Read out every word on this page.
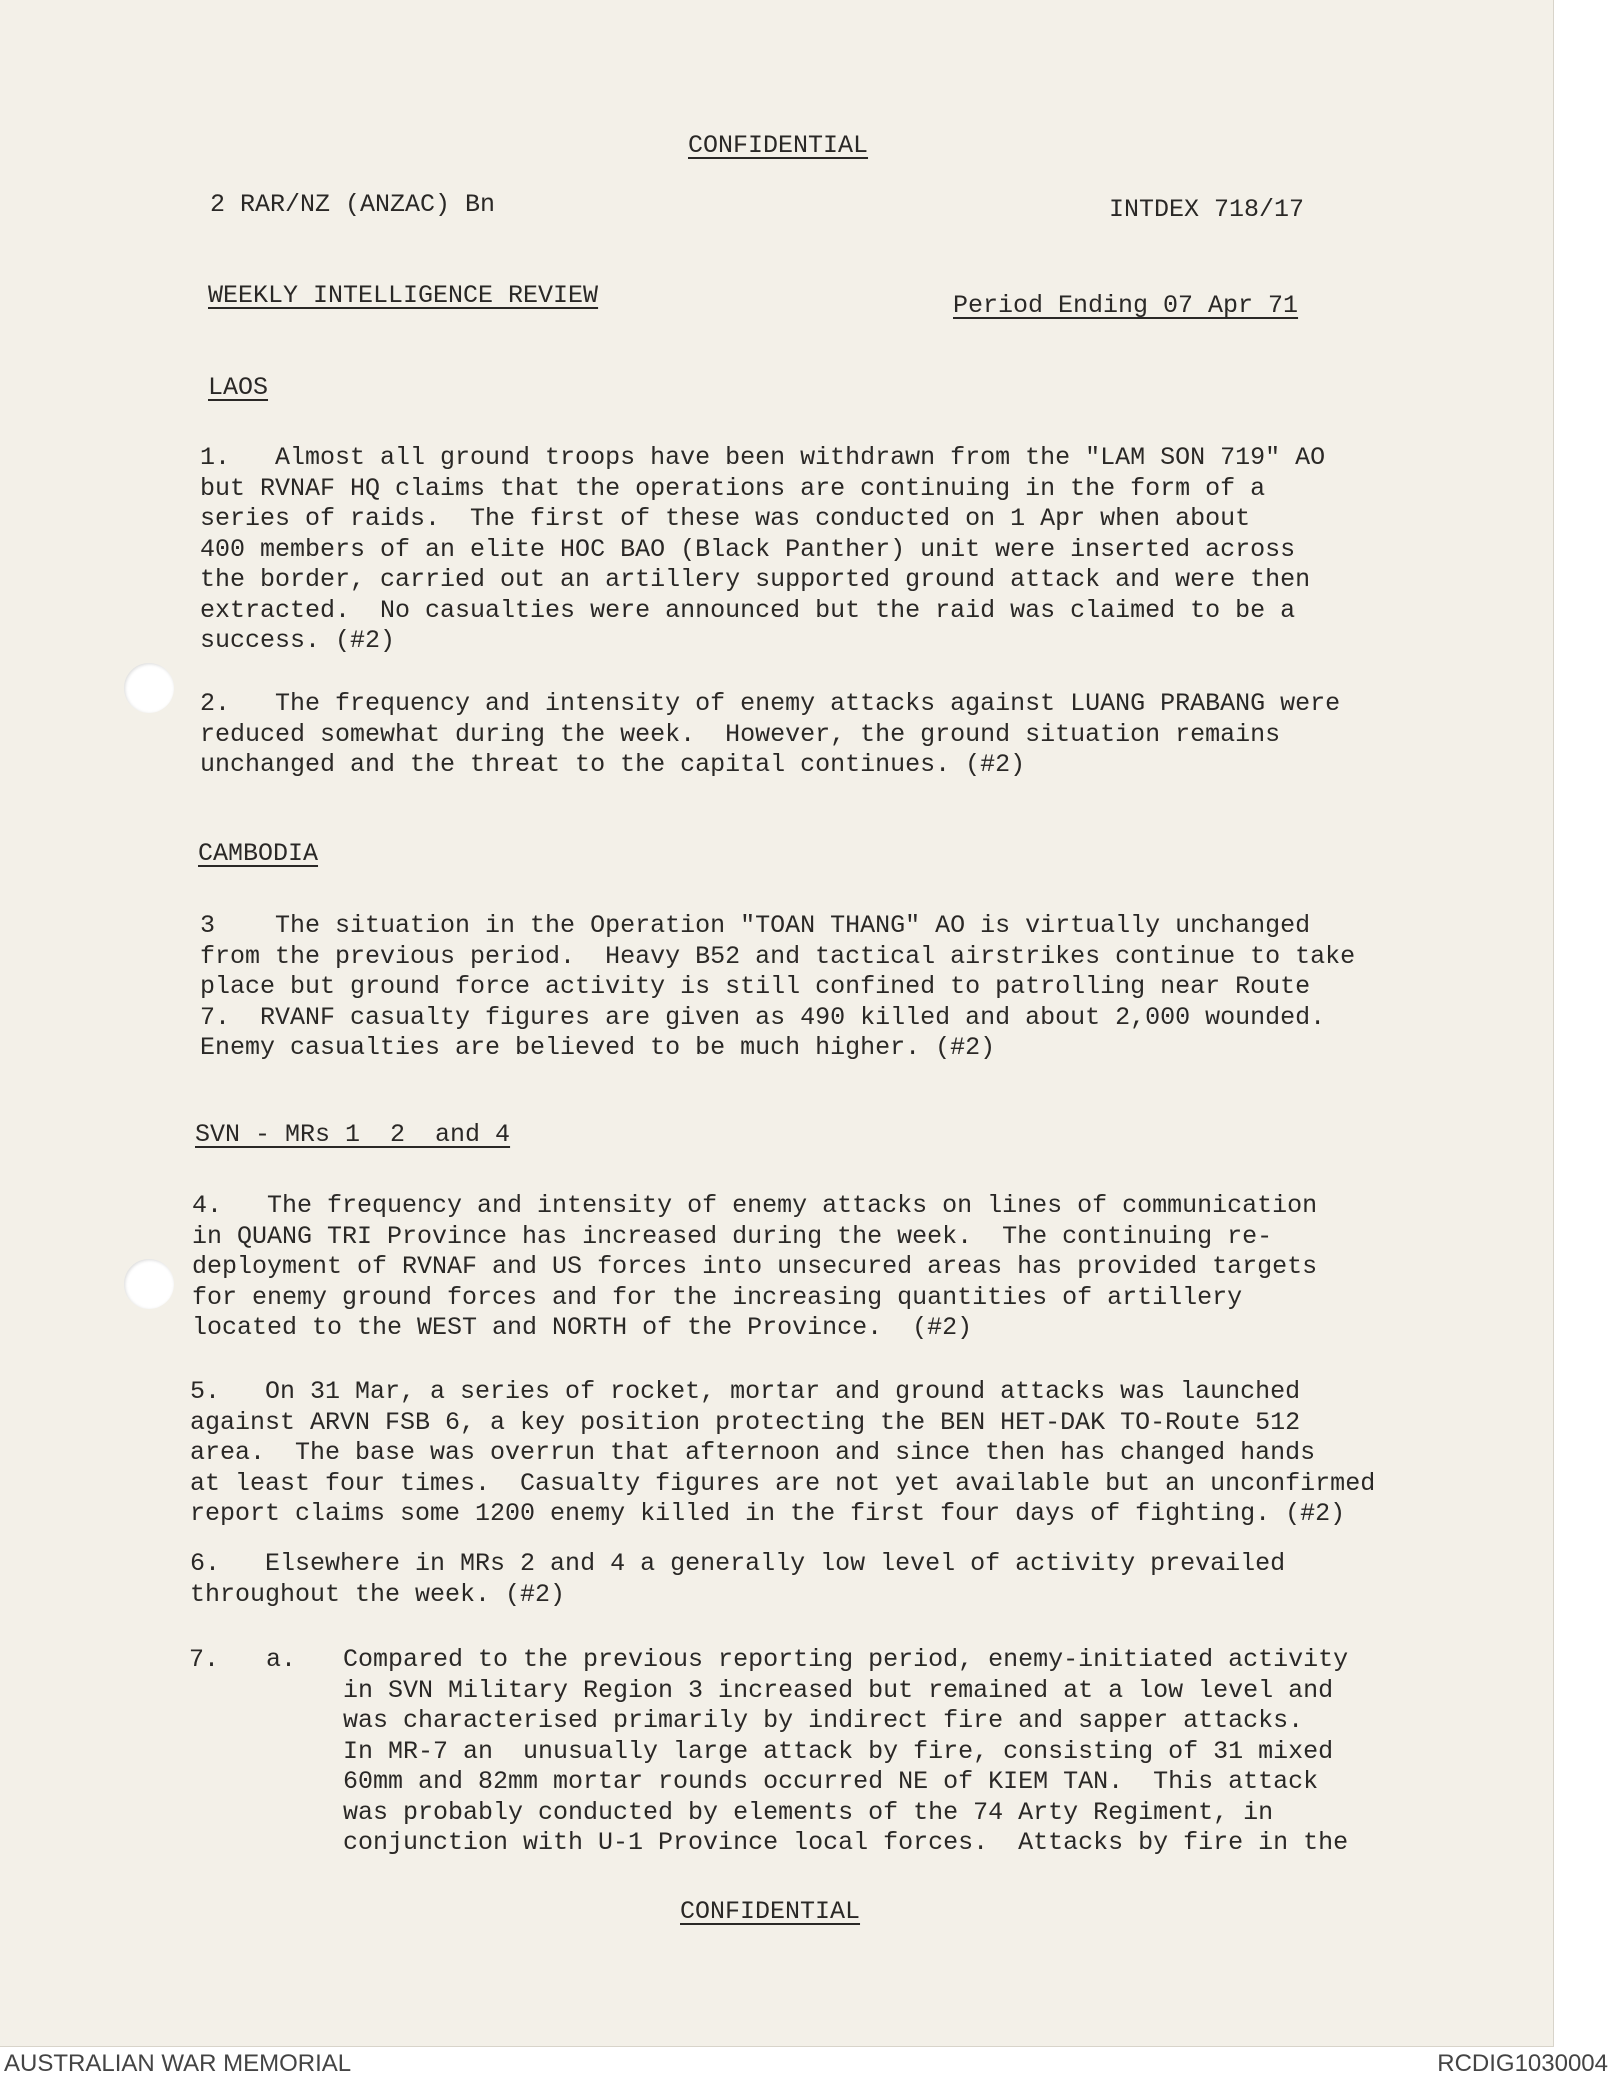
CONFIDENTIAL
2 RAR/NZ (ANZAC) Bn	INTDEX 718/17
WEEKLY INTELLIGENCE REVIEW	Period Ending 07 Apr 71
LAOS
1.   Almost all ground troops have been withdrawn from the "LAM SON 719" AO
but RVNAF HQ claims that the operations are continuing in the form of a
series of raids.  The first of these was conducted on 1 Apr when about
400 members of an elite HOC BAO (Black Panther) unit were inserted across
the border, carried out an artillery supported ground attack and were then
extracted.  No casualties were announced but the raid was claimed to be a
success. (#2)
2.   The frequency and intensity of enemy attacks against LUANG PRABANG were
reduced somewhat during the week.  However, the ground situation remains
unchanged and the threat to the capital continues. (#2)
CAMBODIA
3    The situation in the Operation "TOAN THANG" AO is virtually unchanged
from the previous period.  Heavy B52 and tactical airstrikes continue to take
place but ground force activity is still confined to patrolling near Route
7.  RVANF casualty figures are given as 490 killed and about 2,000 wounded.
Enemy casualties are believed to be much higher. (#2)
SVN - MRs 1  2  and 4
4.   The frequency and intensity of enemy attacks on lines of communication
in QUANG TRI Province has increased during the week.  The continuing re-
deployment of RVNAF and US forces into unsecured areas has provided targets
for enemy ground forces and for the increasing quantities of artillery
located to the WEST and NORTH of the Province.  (#2)
5.   On 31 Mar, a series of rocket, mortar and ground attacks was launched
against ARVN FSB 6, a key position protecting the BEN HET-DAK TO-Route 512
area.  The base was overrun that afternoon and since then has changed hands
at least four times.  Casualty figures are not yet available but an unconfirmed
report claims some 1200 enemy killed in the first four days of fighting. (#2)
6.   Elsewhere in MRs 2 and 4 a generally low level of activity prevailed
throughout the week. (#2)
7. a. Compared to the previous reporting period, enemy-initiated activity
in SVN Military Region 3 increased but remained at a low level and
was characterised primarily by indirect fire and sapper attacks.
In MR-7 an  unusually large attack by fire, consisting of 31 mixed
60mm and 82mm mortar rounds occurred NE of KIEM TAN.  This attack
was probably conducted by elements of the 74 Arty Regiment, in
conjunction with U-1 Province local forces.  Attacks by fire in the
CONFIDENTIAL
AUSTRALIAN WAR MEMORIAL	RCDIG1030004
